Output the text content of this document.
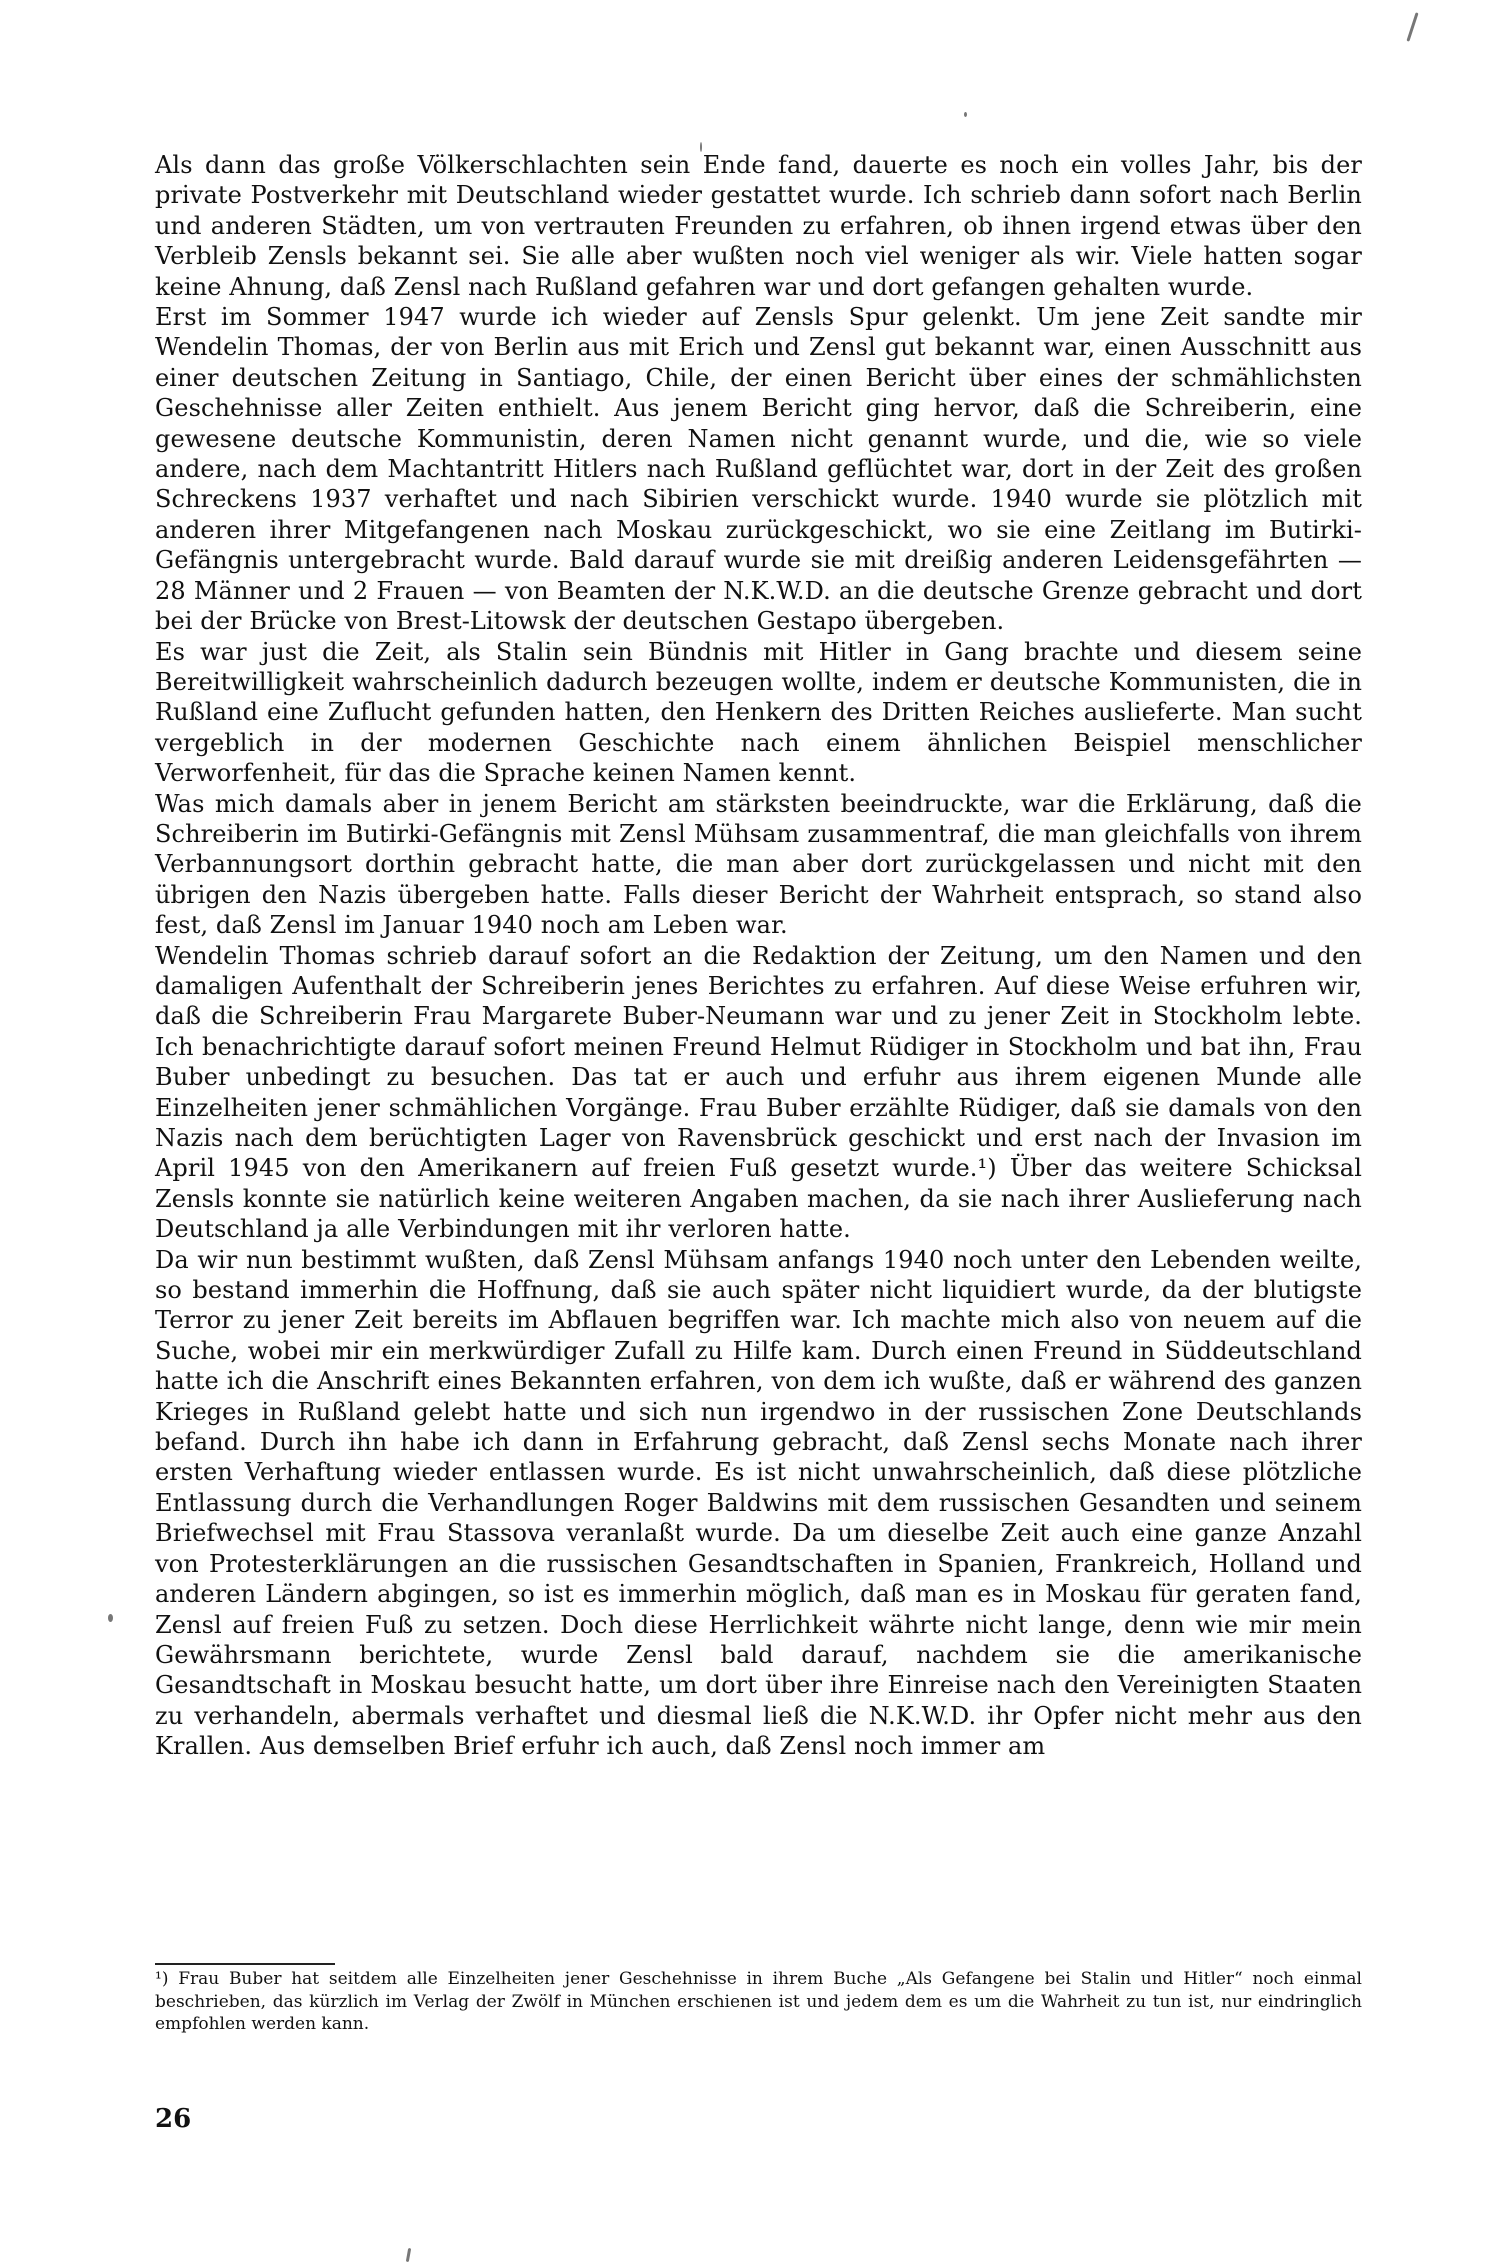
Als dann das große Völkerschlachten sein Ende fand, dauerte es noch ein volles Jahr, bis der private Postverkehr mit Deutschland wieder gestattet wurde. Ich schrieb dann sofort nach Berlin und anderen Städten, um von vertrauten Freunden zu erfahren, ob ihnen irgend etwas über den Verbleib Zensls bekannt sei. Sie alle aber wußten noch viel weniger als wir. Viele hatten sogar keine Ahnung, daß Zensl nach Rußland gefahren war und dort gefangen gehalten wurde.

Erst im Sommer 1947 wurde ich wieder auf Zensls Spur gelenkt. Um jene Zeit sandte mir Wendelin Thomas, der von Berlin aus mit Erich und Zensl gut bekannt war, einen Ausschnitt aus einer deutschen Zeitung in Santiago, Chile, der einen Bericht über eines der schmählichsten Geschehnisse aller Zeiten enthielt. Aus jenem Bericht ging hervor, daß die Schreiberin, eine gewesene deutsche Kommunistin, deren Namen nicht genannt wurde, und die, wie so viele andere, nach dem Machtantritt Hitlers nach Rußland geflüchtet war, dort in der Zeit des großen Schreckens 1937 verhaftet und nach Sibirien verschickt wurde. 1940 wurde sie plötzlich mit anderen ihrer Mitgefangenen nach Moskau zurückgeschickt, wo sie eine Zeitlang im Butirki-Gefängnis untergebracht wurde. Bald darauf wurde sie mit dreißig anderen Leidensgefährten — 28 Männer und 2 Frauen — von Beamten der N.K.W.D. an die deutsche Grenze gebracht und dort bei der Brücke von Brest-Litowsk der deutschen Gestapo übergeben.

Es war just die Zeit, als Stalin sein Bündnis mit Hitler in Gang brachte und diesem seine Bereitwilligkeit wahrscheinlich dadurch bezeugen wollte, indem er deutsche Kommunisten, die in Rußland eine Zuflucht gefunden hatten, den Henkern des Dritten Reiches auslieferte. Man sucht vergeblich in der modernen Geschichte nach einem ähnlichen Beispiel menschlicher Verworfenheit, für das die Sprache keinen Namen kennt.

Was mich damals aber in jenem Bericht am stärksten beeindruckte, war die Erklärung, daß die Schreiberin im Butirki-Gefängnis mit Zensl Mühsam zusammentraf, die man gleichfalls von ihrem Verbannungsort dorthin gebracht hatte, die man aber dort zurückgelassen und nicht mit den übrigen den Nazis übergeben hatte. Falls dieser Bericht der Wahrheit entsprach, so stand also fest, daß Zensl im Januar 1940 noch am Leben war.

Wendelin Thomas schrieb darauf sofort an die Redaktion der Zeitung, um den Namen und den damaligen Aufenthalt der Schreiberin jenes Berichtes zu erfahren. Auf diese Weise erfuhren wir, daß die Schreiberin Frau Margarete Buber-Neumann war und zu jener Zeit in Stockholm lebte. Ich benachrichtigte darauf sofort meinen Freund Helmut Rüdiger in Stockholm und bat ihn, Frau Buber unbedingt zu besuchen. Das tat er auch und erfuhr aus ihrem eigenen Munde alle Einzelheiten jener schmählichen Vorgänge. Frau Buber erzählte Rüdiger, daß sie damals von den Nazis nach dem berüchtigten Lager von Ravensbrück geschickt und erst nach der Invasion im April 1945 von den Amerikanern auf freien Fuß gesetzt wurde.¹) Über das weitere Schicksal Zensls konnte sie natürlich keine weiteren Angaben machen, da sie nach ihrer Auslieferung nach Deutschland ja alle Verbindungen mit ihr verloren hatte.

Da wir nun bestimmt wußten, daß Zensl Mühsam anfangs 1940 noch unter den Lebenden weilte, so bestand immerhin die Hoffnung, daß sie auch später nicht liquidiert wurde, da der blutigste Terror zu jener Zeit bereits im Abflauen begriffen war. Ich machte mich also von neuem auf die Suche, wobei mir ein merkwürdiger Zufall zu Hilfe kam. Durch einen Freund in Süddeutschland hatte ich die Anschrift eines Bekannten erfahren, von dem ich wußte, daß er während des ganzen Krieges in Rußland gelebt hatte und sich nun irgendwo in der russischen Zone Deutschlands befand. Durch ihn habe ich dann in Erfahrung gebracht, daß Zensl sechs Monate nach ihrer ersten Verhaftung wieder entlassen wurde. Es ist nicht unwahrscheinlich, daß diese plötzliche Entlassung durch die Verhandlungen Roger Baldwins mit dem russischen Gesandten und seinem Briefwechsel mit Frau Stassova veranlaßt wurde. Da um dieselbe Zeit auch eine ganze Anzahl von Protesterklärungen an die russischen Gesandtschaften in Spanien, Frankreich, Holland und anderen Ländern abgingen, so ist es immerhin möglich, daß man es in Moskau für geraten fand, Zensl auf freien Fuß zu setzen. Doch diese Herrlichkeit währte nicht lange, denn wie mir mein Gewährsmann berichtete, wurde Zensl bald darauf, nachdem sie die amerikanische Gesandtschaft in Moskau besucht hatte, um dort über ihre Einreise nach den Vereinigten Staaten zu verhandeln, abermals verhaftet und diesmal ließ die N.K.W.D. ihr Opfer nicht mehr aus den Krallen. Aus demselben Brief erfuhr ich auch, daß Zensl noch immer am

¹) Frau Buber hat seitdem alle Einzelheiten jener Geschehnisse in ihrem Buche „Als Gefangene bei Stalin und Hitler“ noch einmal beschrieben, das kürzlich im Verlag der Zwölf in München erschienen ist und jedem dem es um die Wahrheit zu tun ist, nur eindringlich empfohlen werden kann.

26
